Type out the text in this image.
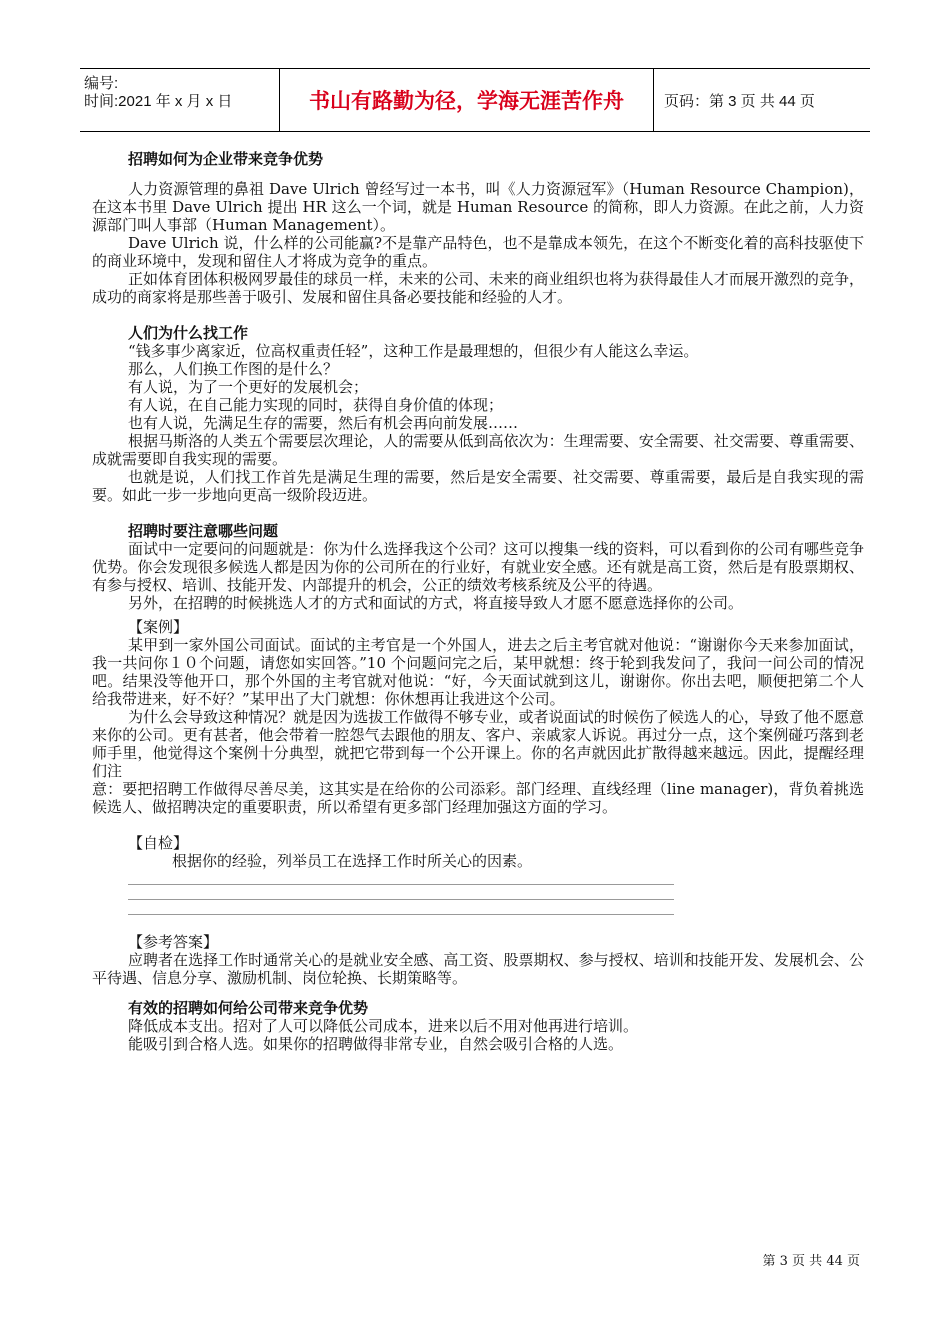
编号:
时间:2021 年 x 月 x 日	书山有路勤为径，学海无涯苦作舟	页码：第 3 页 共 44 页
招聘如何为企业带来竞争优势

人力资源管理的鼻祖 Dave Ulrich 曾经写过一本书，叫《人力资源冠军》（Human Resource Champion)，在这本书里 Dave Ulrich 提出 HR 这么一个词，就是 Human Resource 的简称，即人力资源。在此之前，人力资源部门叫人事部（Human Management）。

Dave Ulrich 说，什么样的公司能赢?不是靠产品特色，也不是靠成本领先，在这个不断变化着的高科技驱使下的商业环境中，发现和留住人才将成为竞争的重点。

正如体育团体积极网罗最佳的球员一样，未来的公司、未来的商业组织也将为获得最佳人才而展开激烈的竞争，成功的商家将是那些善于吸引、发展和留住具备必要技能和经验的人才。

人们为什么找工作

“钱多事少离家近，位高权重责任轻”，这种工作是最理想的，但很少有人能这么幸运。

那么，人们换工作图的是什么？

有人说，为了一个更好的发展机会；

有人说，在自己能力实现的同时，获得自身价值的体现；

也有人说，先满足生存的需要，然后有机会再向前发展……

根据马斯洛的人类五个需要层次理论，人的需要从低到高依次为：生理需要、安全需要、社交需要、尊重需要、成就需要即自我实现的需要。

也就是说，人们找工作首先是满足生理的需要，然后是安全需要、社交需要、尊重需要，最后是自我实现的需要。如此一步一步地向更高一级阶段迈进。

招聘时要注意哪些问题

面试中一定要问的问题就是：你为什么选择我这个公司？这可以搜集一线的资料，可以看到你的公司有哪些竞争优势。你会发现很多候选人都是因为你的公司所在的行业好，有就业安全感。还有就是高工资，然后是有股票期权、有参与授权、培训、技能开发、内部提升的机会，公正的绩效考核系统及公平的待遇。

另外，在招聘的时候挑选人才的方式和面试的方式，将直接导致人才愿不愿意选择你的公司。

【案例】

某甲到一家外国公司面试。面试的主考官是一个外国人，进去之后主考官就对他说：“谢谢你今天来参加面试，我一共问你１０个问题，请您如实回答。”10 个问题问完之后，某甲就想：终于轮到我发问了，我问一问公司的情况吧。结果没等他开口，那个外国的主考官就对他说：“好，今天面试就到这儿，谢谢你。你出去吧，顺便把第二个人给我带进来，好不好？”某甲出了大门就想：你休想再让我进这个公司。

为什么会导致这种情况？就是因为选拔工作做得不够专业，或者说面试的时候伤了候选人的心，导致了他不愿意来你的公司。更有甚者，他会带着一腔怨气去跟他的朋友、客户、亲戚家人诉说。再过分一点，这个案例碰巧落到老师手里，他觉得这个案例十分典型，就把它带到每一个公开课上。你的名声就因此扩散得越来越远。因此，提醒经理们注

意：要把招聘工作做得尽善尽美，这其实是在给你的公司添彩。部门经理、直线经理（line manager)，背负着挑选候选人、做招聘决定的重要职责，所以希望有更多部门经理加强这方面的学习。

【自检】

根据你的经验，列举员工在选择工作时所关心的因素。

【参考答案】

应聘者在选择工作时通常关心的是就业安全感、高工资、股票期权、参与授权、培训和技能开发、发展机会、公平待遇、信息分享、激励机制、岗位轮换、长期策略等。

有效的招聘如何给公司带来竞争优势

降低成本支出。招对了人可以降低公司成本，进来以后不用对他再进行培训。

能吸引到合格人选。如果你的招聘做得非常专业，自然会吸引合格的人选。

第 3 页 共 44 页
